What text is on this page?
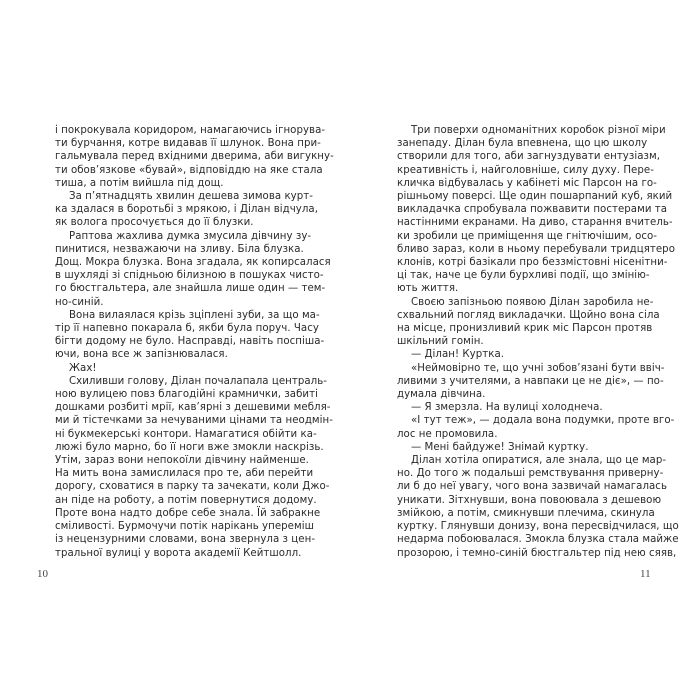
і покрокувала коридором, намагаючись ігнорува-
ти бурчання, котре видавав її шлунок. Вона при-
гальмувала перед вхідними дверима, аби вигукну-
ти обов’язкове «бувай», відповіддю на яке стала
тиша, а потім вийшла під дощ.
За п’ятнадцять хвилин дешева зимова курт-
ка здалася в боротьбі з мрякою, і Ділан відчула,
як волога просочується до її блузки.
Раптова жахлива думка змусила дівчину зу-
пинитися, незважаючи на зливу. Біла блузка.
Дощ. Мокра блузка. Вона згадала, як копирсалася
в шухляді зі спідньою білизною в пошуках чисто-
го бюстгальтера, але знайшла лише один — тем-
но-синій.
Вона вилаялася крізь зціплені зуби, за що ма-
тір її напевно покарала б, якби була поруч. Часу
бігти додому не було. Насправді, навіть поспіша-
ючи, вона все ж запізнювалася.
Жах!
Схиливши голову, Ділан почалапала централь-
ною вулицею повз благодійні крамнички, забиті
дошками розбиті мрії, кав’ярні з дешевими мебля-
ми й тістечками за нечуваними цінами та неодмін-
ні букмекерські контори. Намагатися обійти ка-
люжі було марно, бо її ноги вже змокли наскрізь.
Утім, зараз вони непокоїли дівчину найменше.
На мить вона замислилася про те, аби перейти
дорогу, сховатися в парку та зачекати, коли Джо-
ан піде на роботу, а потім повернутися додому.
Проте вона надто добре себе знала. Їй забракне
сміливості. Бурмочучи потік нарікань упереміш
із нецензурними словами, вона звернула з цен-
тральної вулиці у ворота академії Кейтшолл.
Три поверхи одноманітних коробок різної міри
занепаду. Ділан була впевнена, що цю школу
створили для того, аби загнуздувати ентузіазм,
креативність і, найголовніше, силу духу. Пере-
кличка відбувалась у кабінеті міс Парсон на го-
рішньому поверсі. Ще один пошарпаний куб, який
викладачка спробувала пожвавити постерами та
настінними екранами. На диво, старання вчитель-
ки зробили це приміщення ще гнітючішим, осо-
бливо зараз, коли в ньому перебували тридцятеро
клонів, котрі базікали про беззмістовні нісенітни-
ці так, наче це були бурхливі події, що змінію-
ють життя.
Своєю запізньою появою Ділан заробила не-
схвальний погляд викладачки. Щойно вона сіла
на місце, пронизливий крик міс Парсон протяв
шкільний гомін.
— Ділан! Куртка.
«Неймовірно те, що учні зобов’язані бути ввіч-
ливими з учителями, а навпаки це не діє», — по-
думала дівчина.
— Я змерзла. На вулиці холоднеча.
«І тут теж», — додала вона подумки, проте вго-
лос не промовила.
— Мені байдуже! Знімай куртку.
Ділан хотіла опиратися, але знала, що це мар-
но. До того ж подальші ремствування приверну-
ли б до неї увагу, чого вона зазвичай намагалась
уникати. Зітхнувши, вона повоювала з дешевою
змійкою, а потім, смикнувши плечима, скинула
куртку. Глянувши донизу, вона пересвідчилася, що
недарма побоювалася. Змокла блузка стала майже
прозорою, і темно-синій бюстгальтер під нею сяяв,
10	11
